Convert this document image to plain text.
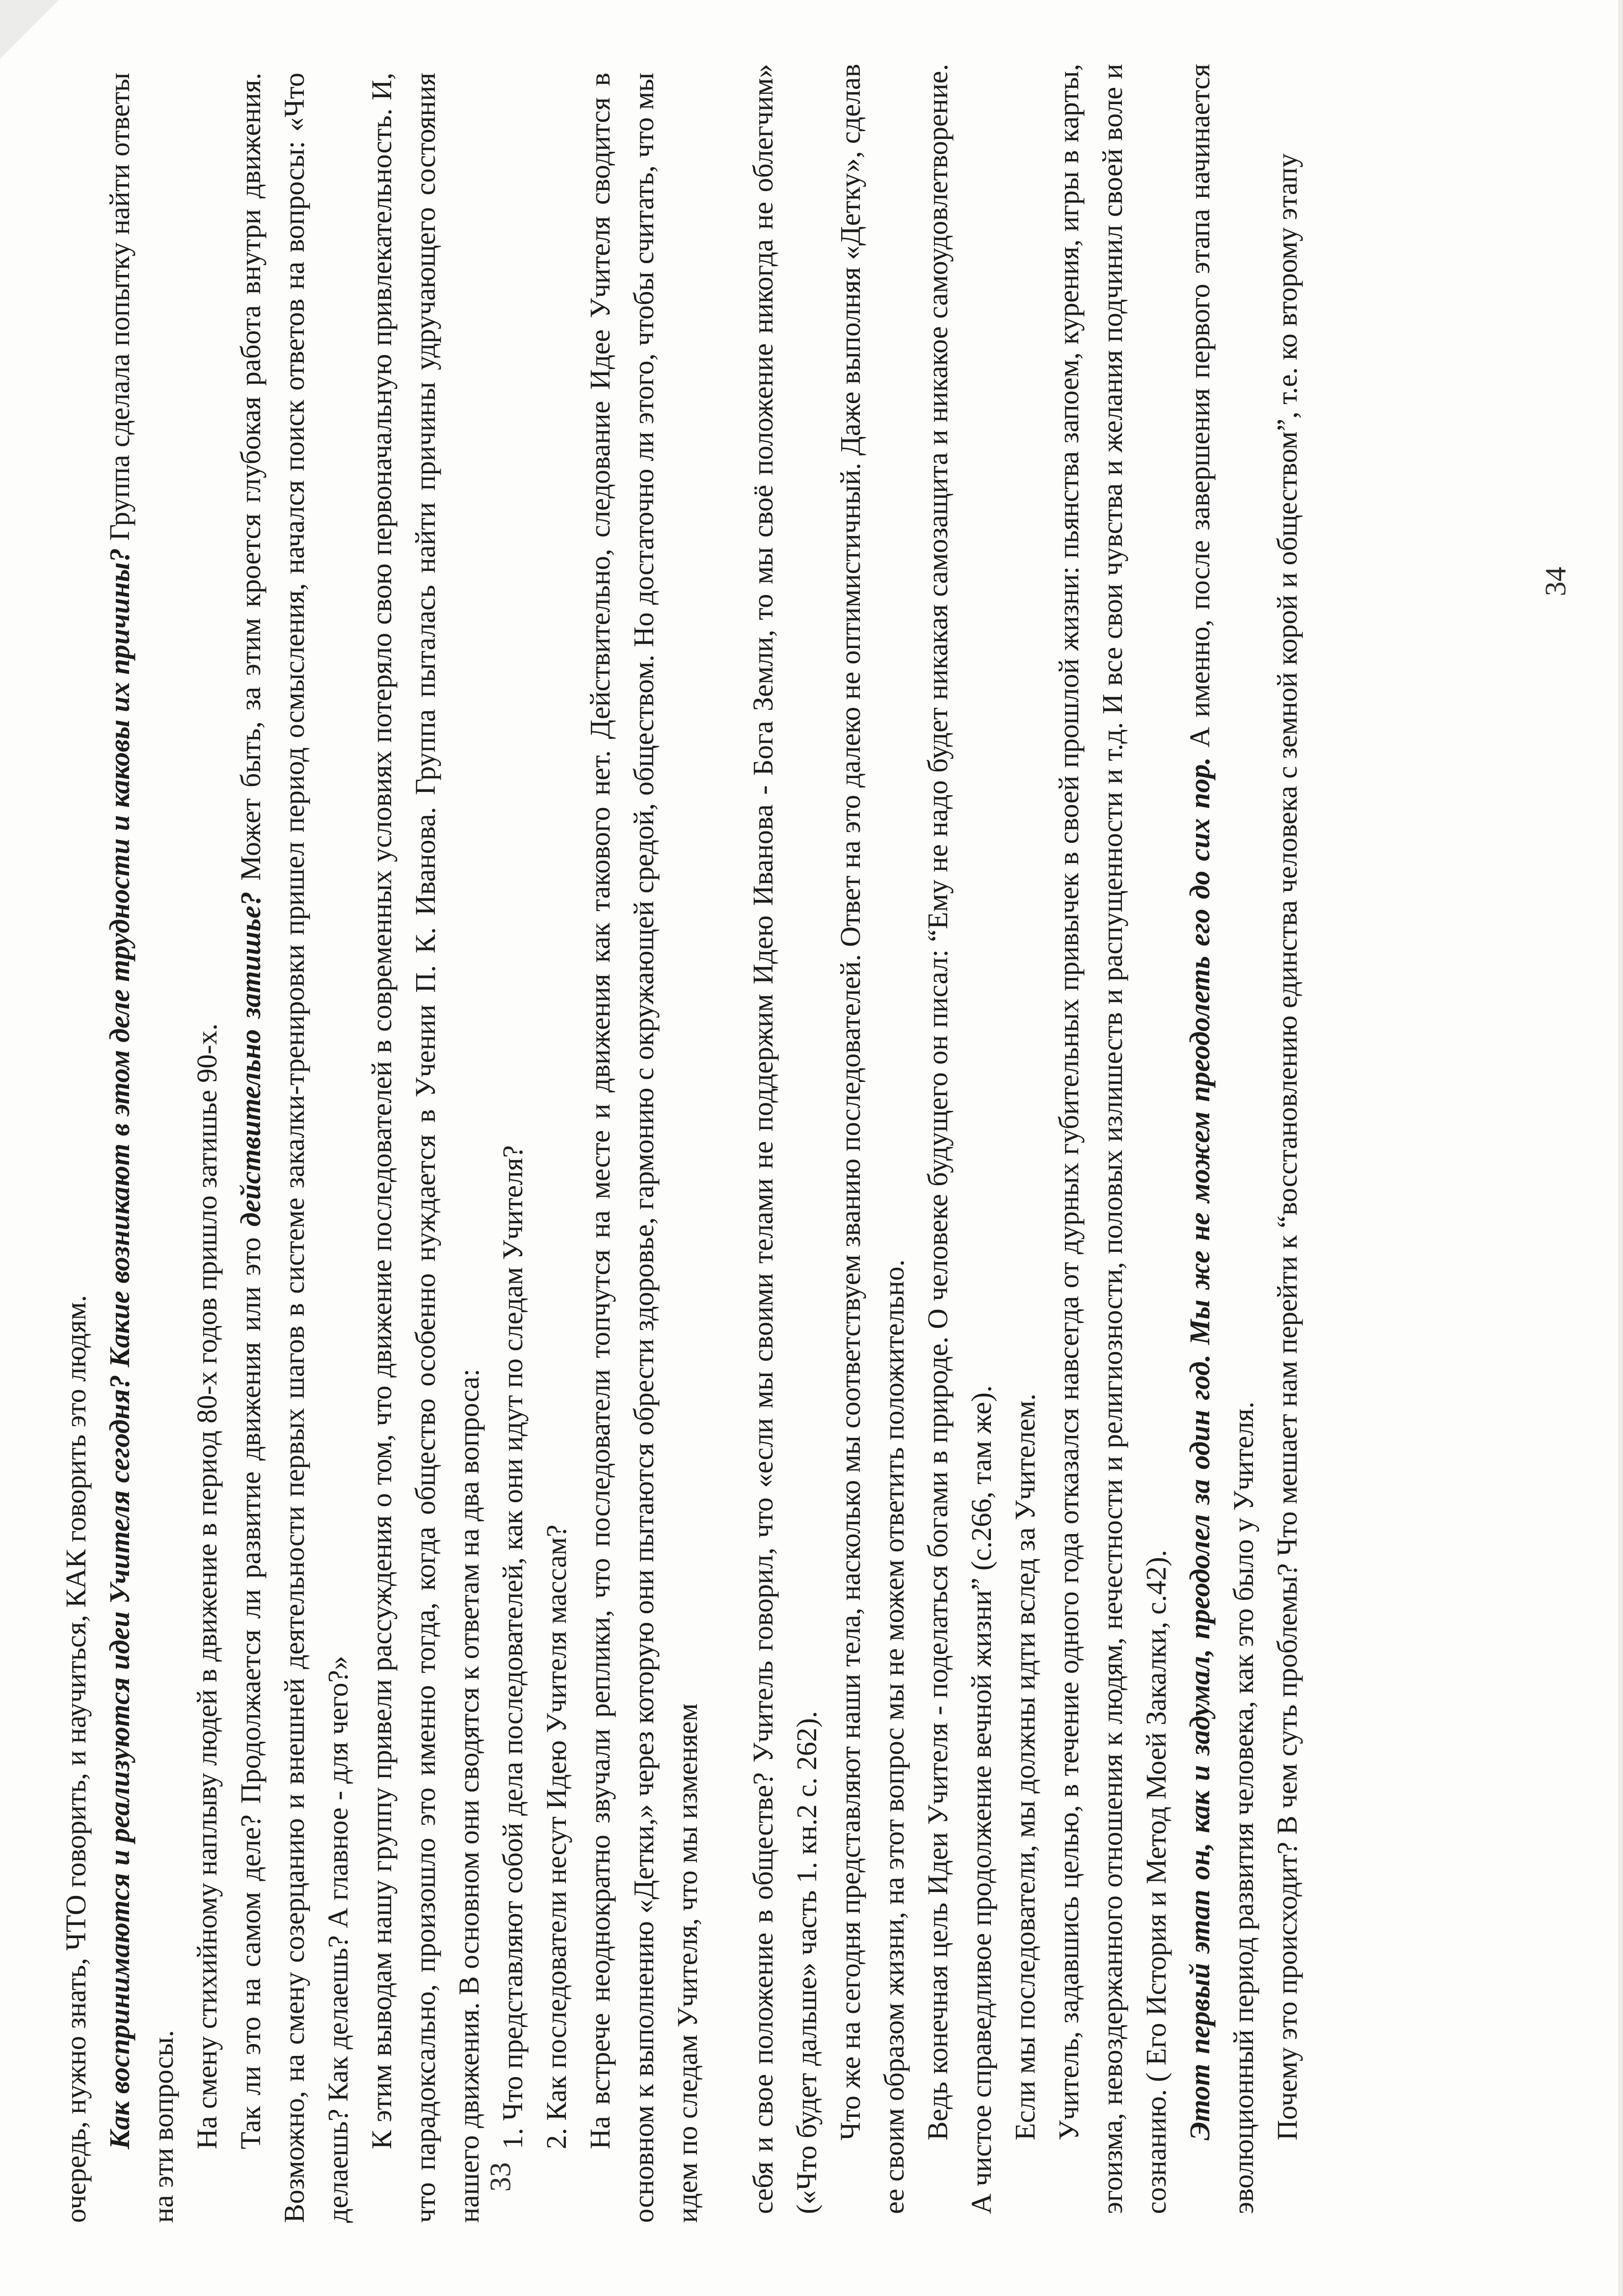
очередь, нужно знать, ЧТО говорить, и научиться, КАК говорить это людям. Как воспринимаются и реализуются идеи Учителя сегодня? Какие возникают в этом деле трудности и каковы их причины? Группа сделала попытку найти ответы на эти вопросы. На смену стихийному наплыву людей в движение в период 80-х годов пришло затишье 90-х. Так ли это на самом деле? Продолжается ли развитие движения или это действительно затишье? Может быть, за этим кроется глубокая работа внутри движения. Возможно, на смену созерцанию и внешней деятельности первых шагов в системе закалки-тренировки пришел период осмысления, начался поиск ответов на вопросы: «Что делаешь? Как делаешь? А главное - для чего?» К этим выводам нашу группу привели рассуждения о том, что движение последователей в современных условиях потеряло свою первоначальную привлекательность. И, что парадоксально, произошло это именно тогда, когда общество особенно нуждается в Учении П. К. Иванова. Группа пыталась найти причины удручающего состояния нашего движения. В основном они сводятся к ответам на два вопроса: 1. Что представляют собой дела последователей, как они идут по следам Учителя? 2. Как последователи несут Идею Учителя массам? На встрече неоднократно звучали реплики, что последователи топчутся на месте и движения как такового нет. Действительно, следование Идее Учителя сводится в основном к выполнению «Детки,» через которую они пытаются обрести здоровье, гармонию с окружающей средой, обществом. Но достаточно ли этого, чтобы считать, что мы идем по следам Учителя, что мы изменяем

33	себя и свое положение в обществе? Учитель говорил, что «если мы своими телами не поддержим Идею Иванова - Бога Земли, то мы своё положение никогда не облегчим» («Что будет дальше» часть 1. кн.2 с. 262). Что же на сегодня представляют наши тела, насколько мы соответствуем званию последователей. Ответ на это далеко не оптимистичный. Даже выполняя «Детку», сделав ее своим образом жизни, на этот вопрос мы не можем ответить положительно. Ведь конечная цель Идеи Учителя - поделаться богами в природе. О человеке будущего он писал: “Ему не надо будет никакая самозащита и никакое самоудовлетворение. А чистое справедливое продолжение вечной жизни” (с.266, там же). Если мы последователи, мы должны идти вслед за Учителем. Учитель, задавшись целью, в течение одного года отказался навсегда от дурных губительных привычек в своей прошлой жизни: пьянства запоем, курения, игры в карты, эгоизма, невоздержанного отношения к людям, нечестности и религиозности, половых излишеств и распущенности и т.д. И все свои чувства и желания подчинил своей воле и сознанию. ( Его История и Метод Моей Закалки, с.42). Этот первый этап он, как и задумал, преодолел за один год. Мы же не можем преодолеть его до сих пор. А именно, после завершения первого этапа начинается эволюционный период развития человека, как это было у Учителя. Почему это происходит? В чем суть проблемы? Что мешает нам перейти к “восстановлению единства человека с земной корой и обществом”, т.е. ко второму этапу	34
